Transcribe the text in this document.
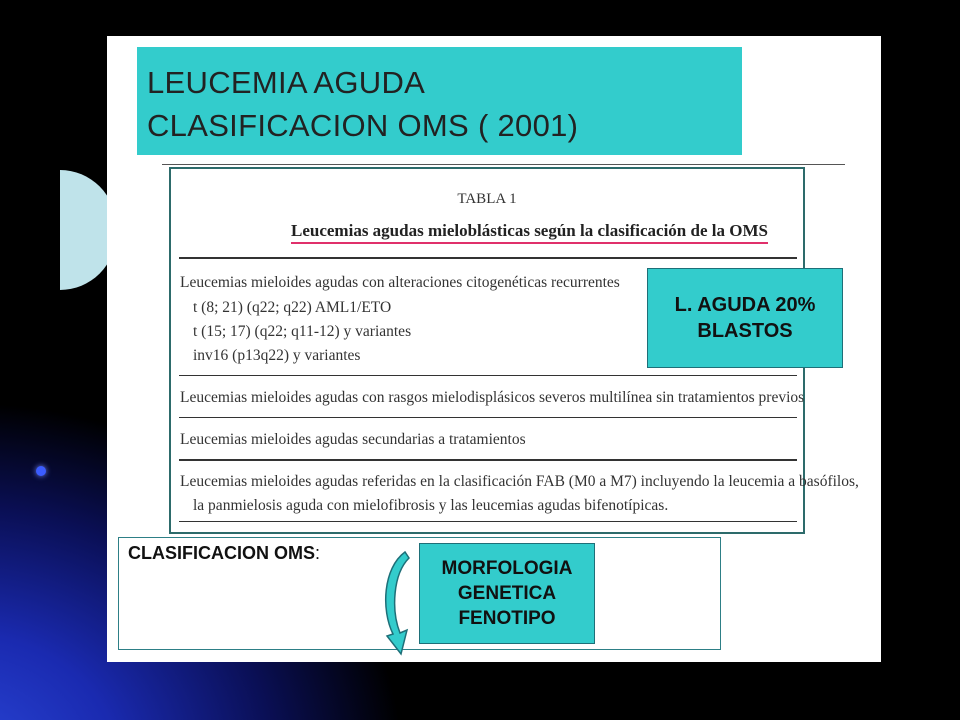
LEUCEMIA AGUDA
CLASIFICACION OMS ( 2001)
TABLA 1
Leucemias agudas mieloblásticas según la clasificación de la OMS
Leucemias mieloides agudas con alteraciones citogenéticas recurrentes
t (8; 21) (q22; q22) AML1/ETO
t (15; 17) (q22; q11-12) y variantes
inv16 (p13q22) y variantes
Leucemias mieloides agudas con rasgos mielodisplásicos severos multilínea sin tratamientos previos
Leucemias mieloides agudas secundarias a tratamientos
Leucemias mieloides agudas referidas en la clasificación FAB (M0 a M7) incluyendo la leucemia a basófilos,
la panmielosis aguda con mielofibrosis y las leucemias agudas bifenotípicas.
L. AGUDA 20%
BLASTOS
CLASIFICACION OMS:
MORFOLOGIA
GENETICA
FENOTIPO
